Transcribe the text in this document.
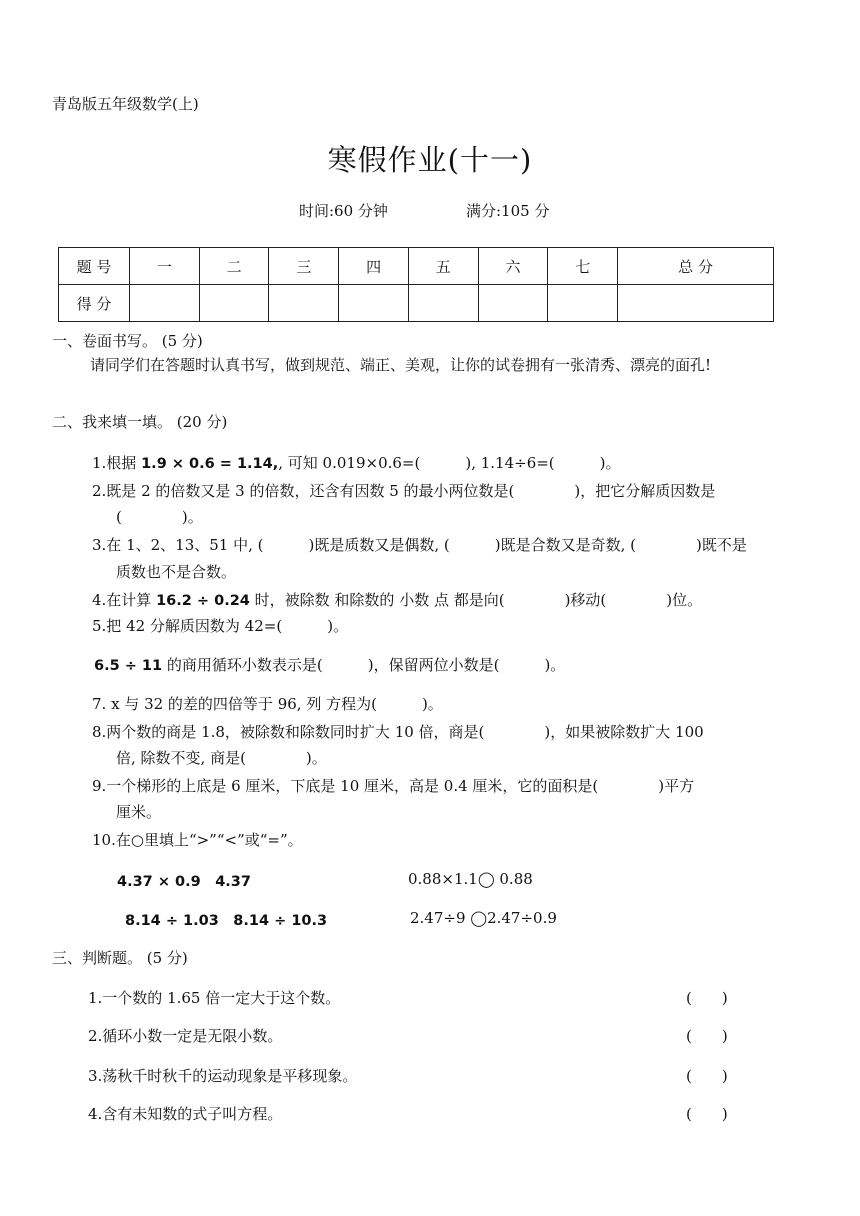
青岛版五年级数学(上)
寒假作业(十一)
时间:60 分钟	满分:105 分
题 号	一	二	三	四	五	六	七	总 分
得 分								
一、卷面书写。 (5 分)
请同学们在答题时认真书写，做到规范、端正、美观，让你的试卷拥有一张清秀、漂亮的面孔!
二、我来填一填。 (20 分)
1.根据 1.9 × 0.6 = 1.14,, 可知 0.019×0.6=(　　　), 1.14÷6=(　　　)。
2.既是 2 的倍数又是 3 的倍数，还含有因数 5 的最小两位数是(　　　　)，把它分解质因数是
(　　　　)。
3.在 1、2、13、51 中, (　　　)既是质数又是偶数, (　　　)既是合数又是奇数, (　　　　)既不是
质数也不是合数。
4.在计算 16.2 ÷ 0.24 时，被除数 和除数的 小数 点 都是向(　　　　)移动(　　　　)位。
5.把 42 分解质因数为 42=(　　　)。
6.5 ÷ 11 的商用循环小数表示是(　　　)，保留两位小数是(　　　)。
7. x 与 32 的差的四倍等于 96, 列 方程为(　　　)。
8.两个数的商是 1.8，被除数和除数同时扩大 10 倍，商是(　　　　)，如果被除数扩大 100
倍, 除数不变, 商是(　　　　)。
9.一个梯形的上底是 6 厘米，下底是 10 厘米，高是 0.4 厘米，它的面积是(　　　　)平方
厘米。
10.在○里填上“>”“<”或“=”。
4.37 × 0.9　4.37	0.88×1.1◯ 0.88
8.14 ÷ 1.03　8.14 ÷ 10.3	2.47÷9 ◯2.47÷0.9
三、判断题。 (5 分)
1.一个数的 1.65 倍一定大于这个数。	(　　)
2.循环小数一定是无限小数。	(　　)
3.荡秋千时秋千的运动现象是平移现象。	(　　)
4.含有未知数的式子叫方程。	(　　)
